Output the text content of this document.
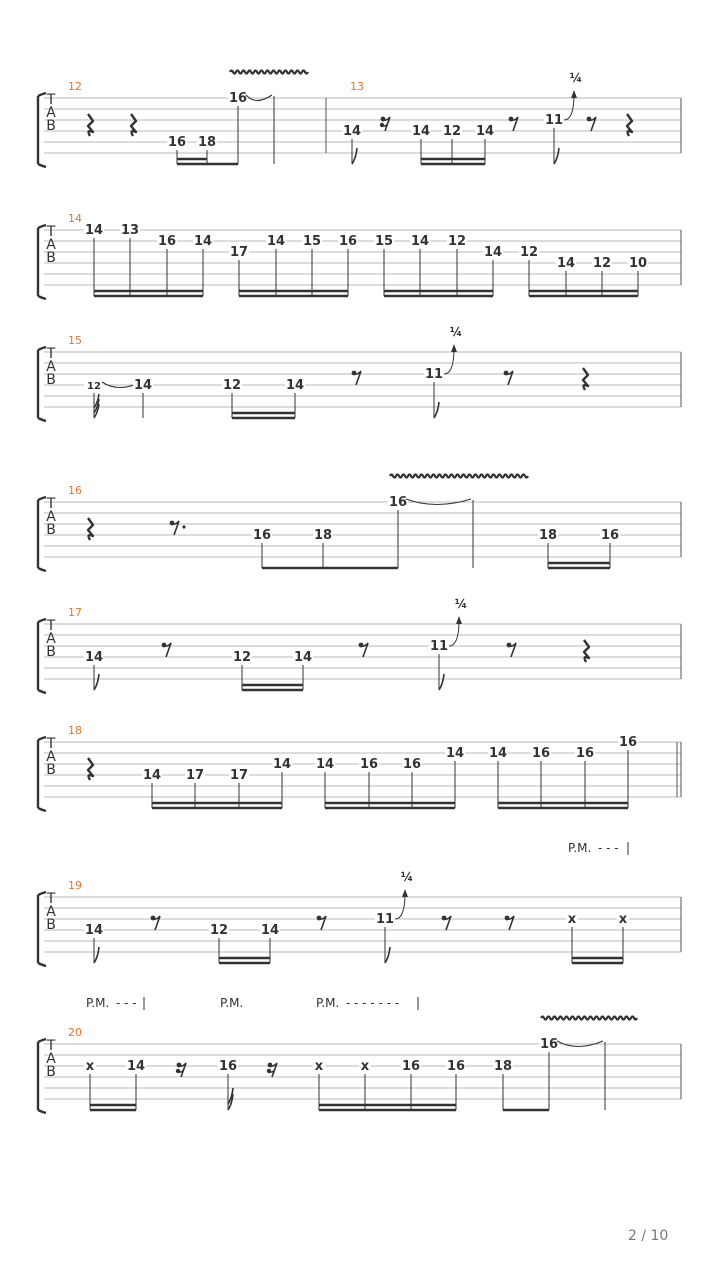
T
A
B
12
16 18
16
13
14	14 12 14
11
¼
T
A
B
14
14 13
16 14
17
14 15 16 15 14 12
14 12
14 12 10
T
A
B
15
12	14	12	14
11
¼
T
A
B
16
16	18
16
18	16
T
A
B
17
14	12	14
11
¼
T
A
B
18
14 17 17
14 14 16 16
14 14 16 16
16
T
A
B
P.M. - - -
19
14	12	14
11
¼
x	x
T
A
B
P.M. - - -	P.M.	P.M. - - - - - - -
20
x	14	16	x	x	16 16 18
16
2 / 10
